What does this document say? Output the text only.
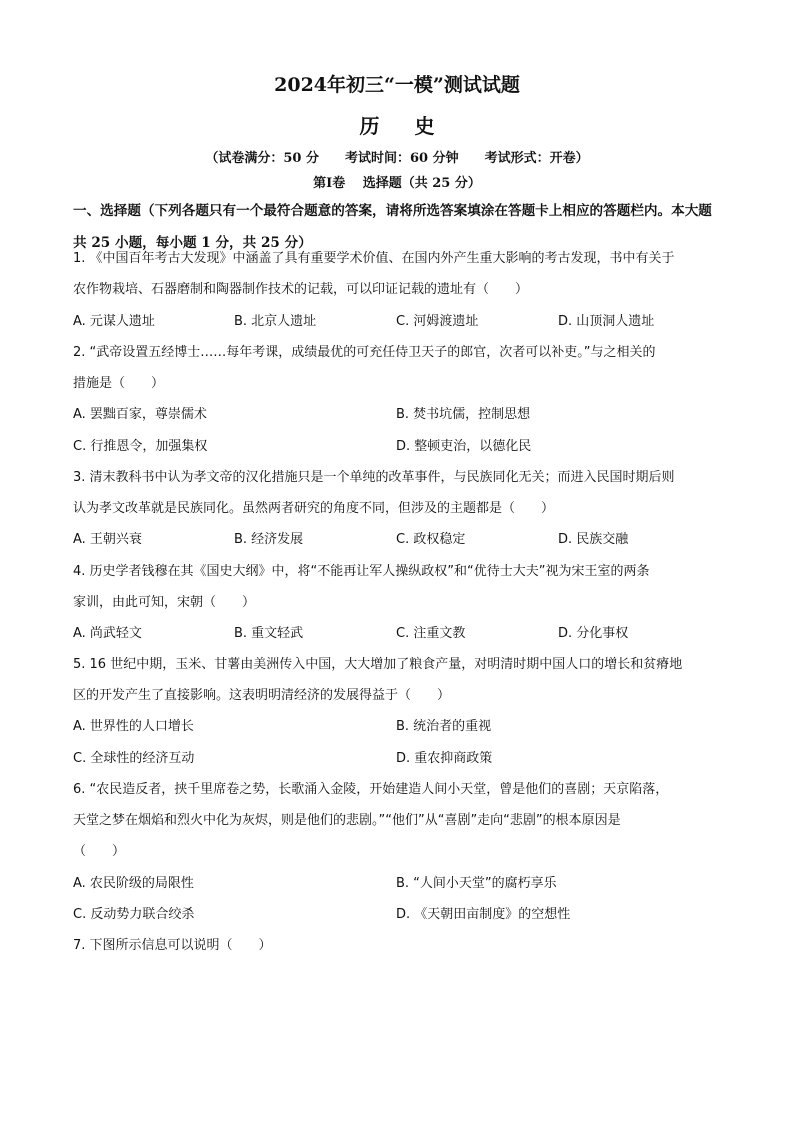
2024年初三“一模”测试试题
历 史
（试卷满分：50 分　　考试时间：60 分钟　　考试形式：开卷）
第Ⅰ卷　 选择题（共 25 分）
一、选择题（下列各题只有一个最符合题意的答案，请将所选答案填涂在答题卡上相应的答题栏内。本大题共 25 小题，每小题 1 分，共 25 分）
1. 《中国百年考古大发现》中涵盖了具有重要学术价值、在国内外产生重大影响的考古发现，书中有关于
农作物栽培、石器磨制和陶器制作技术的记载，可以印证记载的遗址有（　　）
A. 元谋人遗址	B. 北京人遗址	C. 河姆渡遗址	D. 山顶洞人遗址
2. “武帝设置五经博士……每年考课，成绩最优的可充任侍卫天子的郎官，次者可以补吏。”与之相关的
措施是（　　）
A. 罢黜百家，尊崇儒术	B. 焚书坑儒，控制思想
C. 行推恩令，加强集权	D. 整顿吏治，以德化民
3. 清末教科书中认为孝文帝的汉化措施只是一个单纯的改革事件，与民族同化无关；而进入民国时期后则
认为孝文改革就是民族同化。虽然两者研究的角度不同，但涉及的主题都是（　　）
A. 王朝兴衰	B. 经济发展	C. 政权稳定	D. 民族交融
4. 历史学者钱穆在其《国史大纲》中，将“不能再让军人操纵政权”和“优待士大夫”视为宋王室的两条
家训，由此可知，宋朝（　　）
A. 尚武轻文	B. 重文轻武	C. 注重文教	D. 分化事权
5. 16 世纪中期，玉米、甘薯由美洲传入中国，大大增加了粮食产量，对明清时期中国人口的增长和贫瘠地
区的开发产生了直接影响。这表明明清经济的发展得益于（　　）
A. 世界性的人口增长	B. 统治者的重视
C. 全球性的经济互动	D. 重农抑商政策
6. “农民造反者，挟千里席卷之势，长歌涌入金陵，开始建造人间小天堂，曾是他们的喜剧；天京陷落，
天堂之梦在烟焰和烈火中化为灰烬，则是他们的悲剧。”“他们”从“喜剧”走向“悲剧”的根本原因是
（　　）
A. 农民阶级的局限性	B. “人间小天堂”的腐朽享乐
C. 反动势力联合绞杀	D. 《天朝田亩制度》的空想性
7. 下图所示信息可以说明（　　）
